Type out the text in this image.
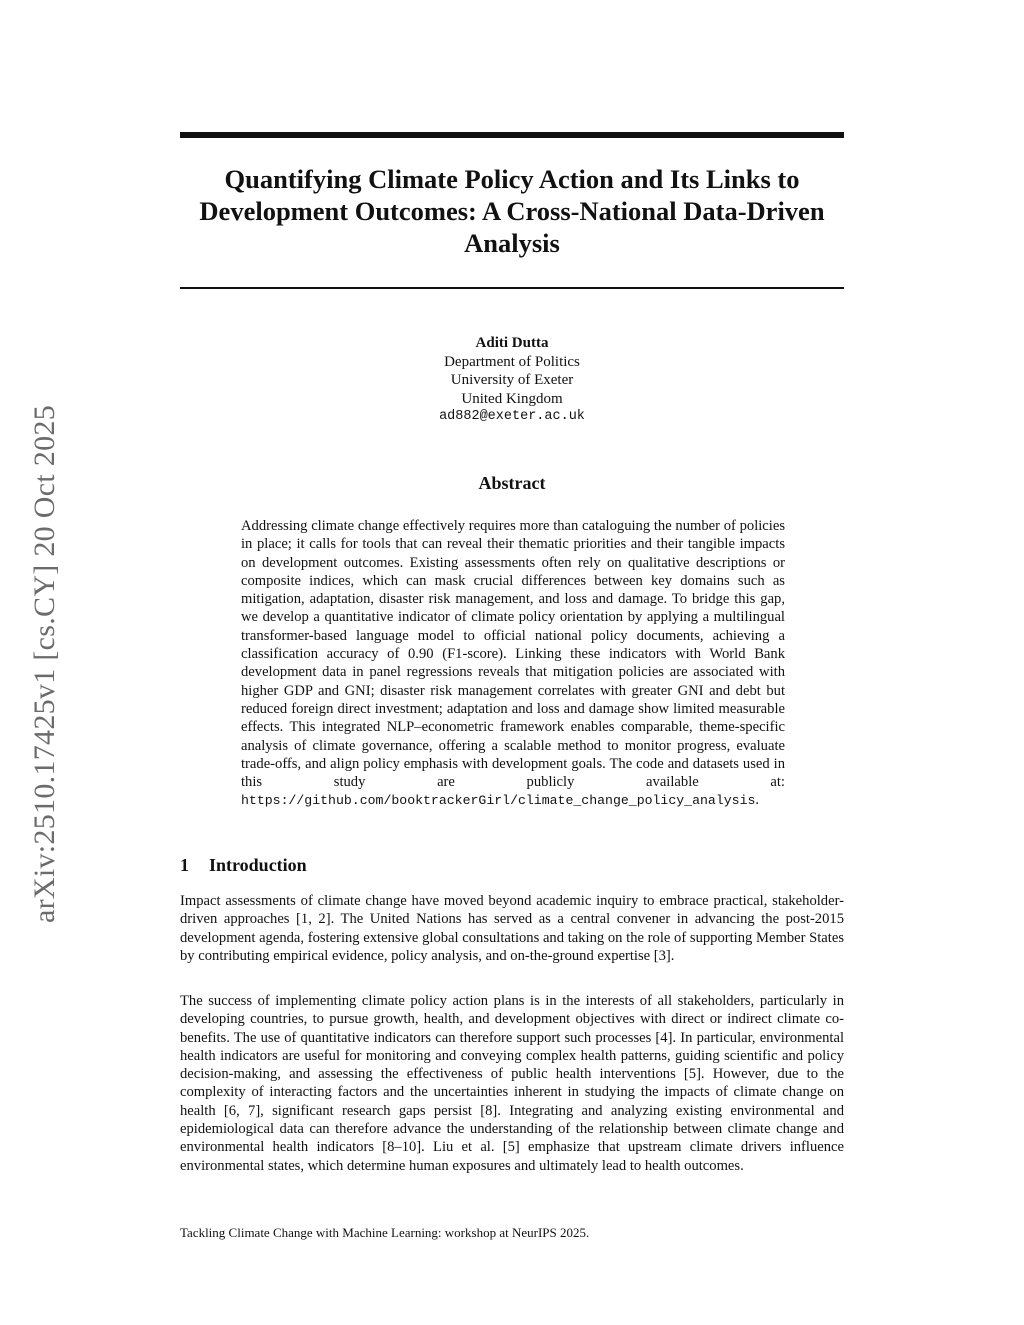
arXiv:2510.17425v1 [cs.CY] 20 Oct 2025
Quantifying Climate Policy Action and Its Links to Development Outcomes: A Cross-National Data-Driven Analysis
Aditi Dutta
Department of Politics
University of Exeter
United Kingdom
ad882@exeter.ac.uk
Abstract

Addressing climate change effectively requires more than cataloguing the number of policies in place; it calls for tools that can reveal their thematic priorities and their tangible impacts on development outcomes. Existing assessments often rely on qualitative descriptions or composite indices, which can mask crucial differences between key domains such as mitigation, adaptation, disaster risk management, and loss and damage. To bridge this gap, we develop a quantitative indicator of climate policy orientation by applying a multilingual transformer-based language model to official national policy documents, achieving a classification accuracy of 0.90 (F1-score). Linking these indicators with World Bank development data in panel regressions reveals that mitigation policies are associated with higher GDP and GNI; disaster risk management correlates with greater GNI and debt but reduced foreign direct investment; adaptation and loss and damage show limited measurable effects. This integrated NLP–econometric framework enables comparable, theme-specific analysis of climate governance, offering a scalable method to monitor progress, evaluate trade-offs, and align policy emphasis with development goals. The code and datasets used in this study are publicly available at: https://github.com/booktrackerGirl/climate_change_policy_analysis.

1 Introduction

Impact assessments of climate change have moved beyond academic inquiry to embrace practical, stakeholder-driven approaches [1, 2]. The United Nations has served as a central convener in advancing the post-2015 development agenda, fostering extensive global consultations and taking on the role of supporting Member States by contributing empirical evidence, policy analysis, and on-the-ground expertise [3].

The success of implementing climate policy action plans is in the interests of all stakeholders, particularly in developing countries, to pursue growth, health, and development objectives with direct or indirect climate co-benefits. The use of quantitative indicators can therefore support such processes [4]. In particular, environmental health indicators are useful for monitoring and conveying complex health patterns, guiding scientific and policy decision-making, and assessing the effectiveness of public health interventions [5]. However, due to the complexity of interacting factors and the uncertainties inherent in studying the impacts of climate change on health [6, 7], significant research gaps persist [8]. Integrating and analyzing existing environmental and epidemiological data can therefore advance the understanding of the relationship between climate change and environmental health indicators [8–10]. Liu et al. [5] emphasize that upstream climate drivers influence environmental states, which determine human exposures and ultimately lead to health outcomes.

Tackling Climate Change with Machine Learning: workshop at NeurIPS 2025.
